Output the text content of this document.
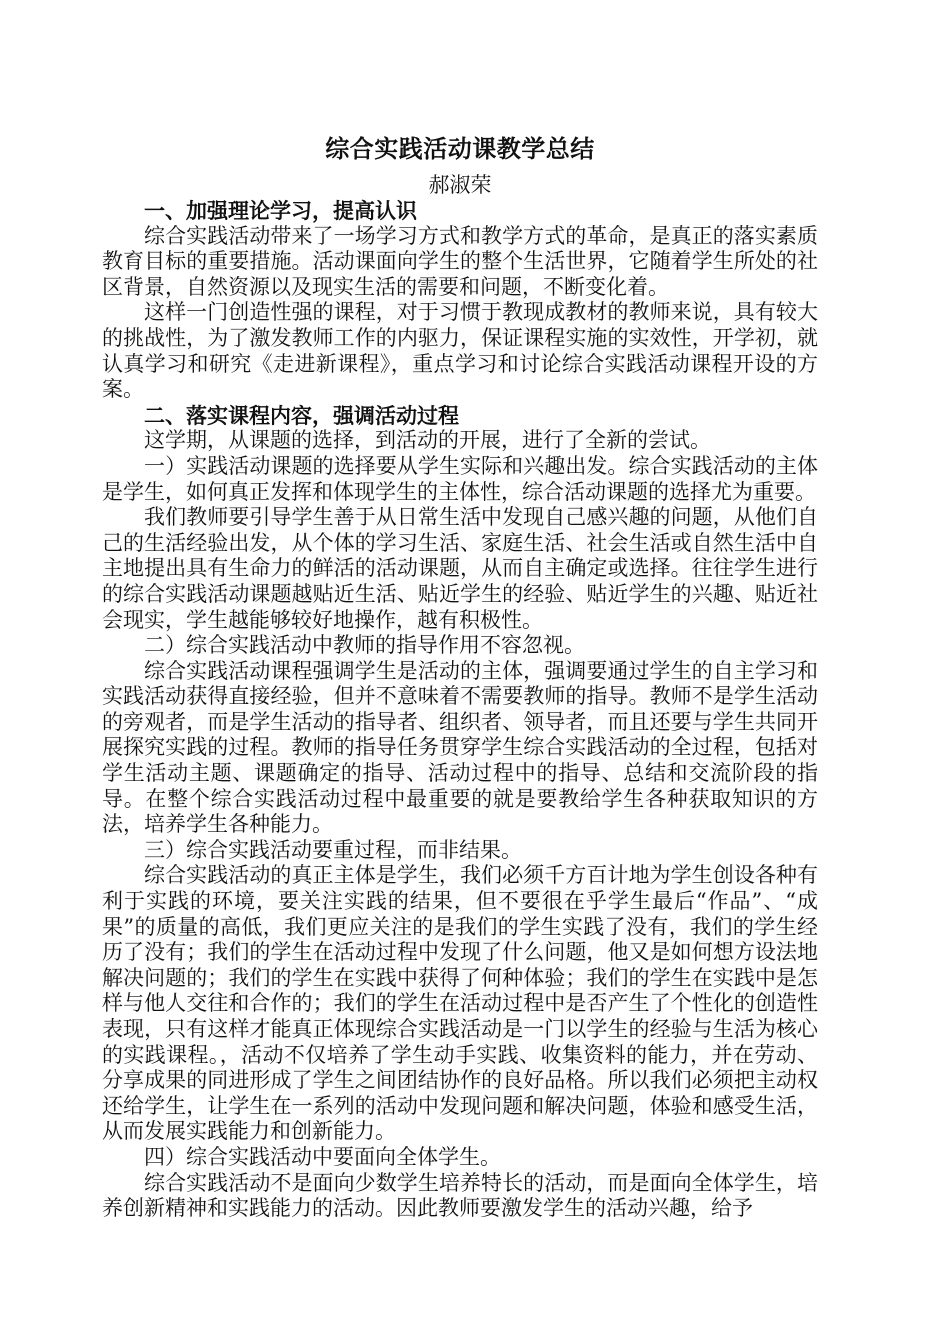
综合实践活动课教学总结
郝淑荣

一、加强理论学习，提高认识

综合实践活动带来了一场学习方式和教学方式的革命，是真正的落实素质教育目标的重要措施。活动课面向学生的整个生活世界，它随着学生所处的社区背景，自然资源以及现实生活的需要和问题，不断变化着。

这样一门创造性强的课程，对于习惯于教现成教材的教师来说，具有较大的挑战性，为了激发教师工作的内驱力，保证课程实施的实效性，开学初，就认真学习和研究《走进新课程》，重点学习和讨论综合实践活动课程开设的方案。

二、落实课程内容，强调活动过程

这学期，从课题的选择，到活动的开展，进行了全新的尝试。

一）实践活动课题的选择要从学生实际和兴趣出发。综合实践活动的主体是学生，如何真正发挥和体现学生的主体性，综合活动课题的选择尤为重要。

我们教师要引导学生善于从日常生活中发现自己感兴趣的问题，从他们自己的生活经验出发，从个体的学习生活、家庭生活、社会生活或自然生活中自主地提出具有生命力的鲜活的活动课题，从而自主确定或选择。往往学生进行的综合实践活动课题越贴近生活、贴近学生的经验、贴近学生的兴趣、贴近社会现实，学生越能够较好地操作，越有积极性。

二）综合实践活动中教师的指导作用不容忽视。

综合实践活动课程强调学生是活动的主体，强调要通过学生的自主学习和实践活动获得直接经验，但并不意味着不需要教师的指导。教师不是学生活动的旁观者，而是学生活动的指导者、组织者、领导者，而且还要与学生共同开展探究实践的过程。教师的指导任务贯穿学生综合实践活动的全过程，包括对学生活动主题、课题确定的指导、活动过程中的指导、总结和交流阶段的指导。在整个综合实践活动过程中最重要的就是要教给学生各种获取知识的方法，培养学生各种能力。

三）综合实践活动要重过程，而非结果。

综合实践活动的真正主体是学生，我们必须千方百计地为学生创设各种有利于实践的环境，要关注实践的结果，但不要很在乎学生最后“作品”、“成果”的质量的高低，我们更应关注的是我们的学生实践了没有，我们的学生经历了没有；我们的学生在活动过程中发现了什么问题，他又是如何想方设法地解决问题的；我们的学生在实践中获得了何种体验；我们的学生在实践中是怎样与他人交往和合作的；我们的学生在活动过程中是否产生了个性化的创造性表现，只有这样才能真正体现综合实践活动是一门以学生的经验与生活为核心的实践课程。，活动不仅培养了学生动手实践、收集资料的能力，并在劳动、分享成果的同进形成了学生之间团结协作的良好品格。所以我们必须把主动权还给学生，让学生在一系列的活动中发现问题和解决问题，体验和感受生活，从而发展实践能力和创新能力。

四）综合实践活动中要面向全体学生。

综合实践活动不是面向少数学生培养特长的活动，而是面向全体学生，培养创新精神和实践能力的活动。因此教师要激发学生的活动兴趣，给予
